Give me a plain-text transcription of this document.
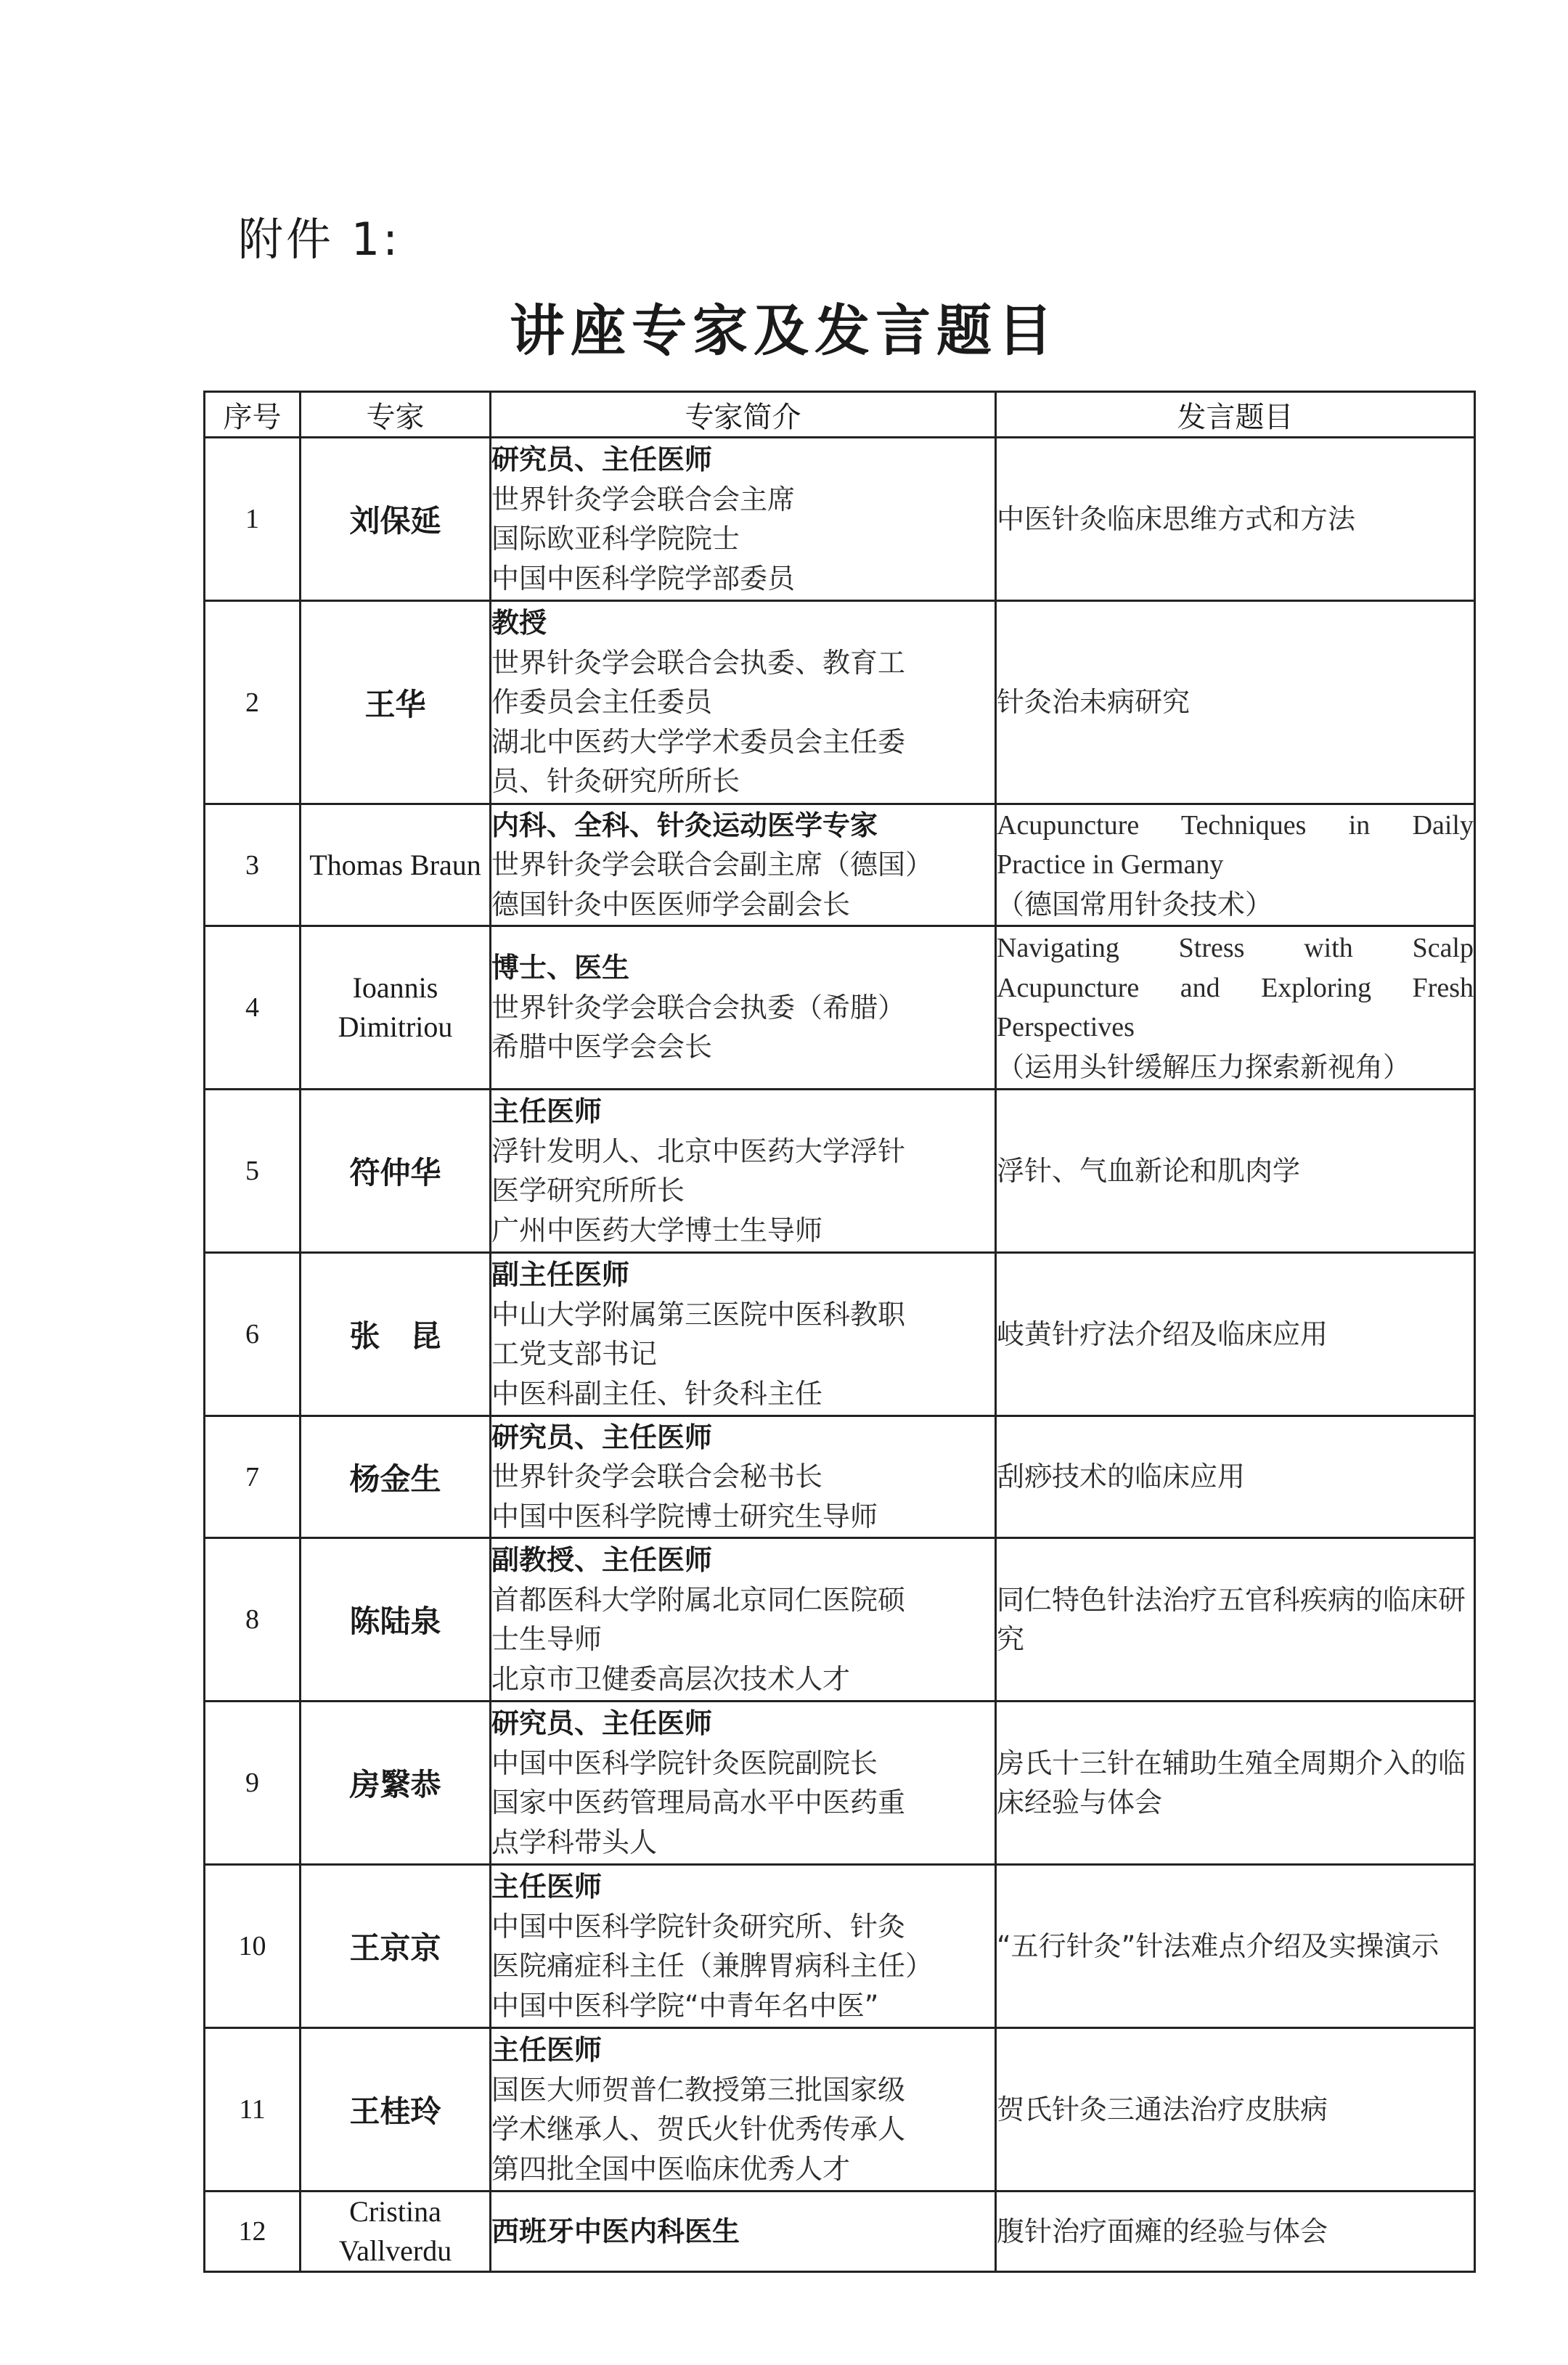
附件 1:
讲座专家及发言题目
序号	专家	专家简介	发言题目
1	刘保延	研究员、主任医师
世界针灸学会联合会主席
国际欧亚科学院院士
中国中医科学院学部委员	中医针灸临床思维方式和方法

2	王华	教授
世界针灸学会联合会执委、教育工
作委员会主任委员
湖北中医药大学学术委员会主任委
员、针灸研究所所长	针灸治未病研究

3	Thomas Braun	内科、全科、针灸运动医学专家
世界针灸学会联合会副主席（德国）
德国针灸中医医师学会副会长	Acupuncture Techniques in Daily
Practice in Germany
（德国常用针灸技术）

4	Ioannis Dimitriou	博士、医生
世界针灸学会联合会执委（希腊）
希腊中医学会会长	Navigating Stress with Scalp
Acupuncture and Exploring Fresh
Perspectives
（运用头针缓解压力探索新视角）

5	符仲华	主任医师
浮针发明人、北京中医药大学浮针
医学研究所所长
广州中医药大学博士生导师	浮针、气血新论和肌肉学

6	张　昆	副主任医师
中山大学附属第三医院中医科教职
工党支部书记
中医科副主任、针灸科主任	岐黄针疗法介绍及临床应用

7	杨金生	研究员、主任医师
世界针灸学会联合会秘书长
中国中医科学院博士研究生导师	刮痧技术的临床应用

8	陈陆泉	副教授、主任医师
首都医科大学附属北京同仁医院硕
士生导师
北京市卫健委高层次技术人才	同仁特色针法治疗五官科疾病的临床研究

9	房繄恭	研究员、主任医师
中国中医科学院针灸医院副院长
国家中医药管理局高水平中医药重
点学科带头人	房氏十三针在辅助生殖全周期介入的临床经验与体会

10	王京京	主任医师
中国中医科学院针灸研究所、针灸
医院痛症科主任（兼脾胃病科主任）
中国中医科学院“中青年名中医”	“五行针灸”针法难点介绍及实操演示

11	王桂玲	主任医师
国医大师贺普仁教授第三批国家级
学术继承人、贺氏火针优秀传承人
第四批全国中医临床优秀人才	贺氏针灸三通法治疗皮肤病

12	Cristina Vallverdu	西班牙中医内科医生	腹针治疗面瘫的经验与体会
